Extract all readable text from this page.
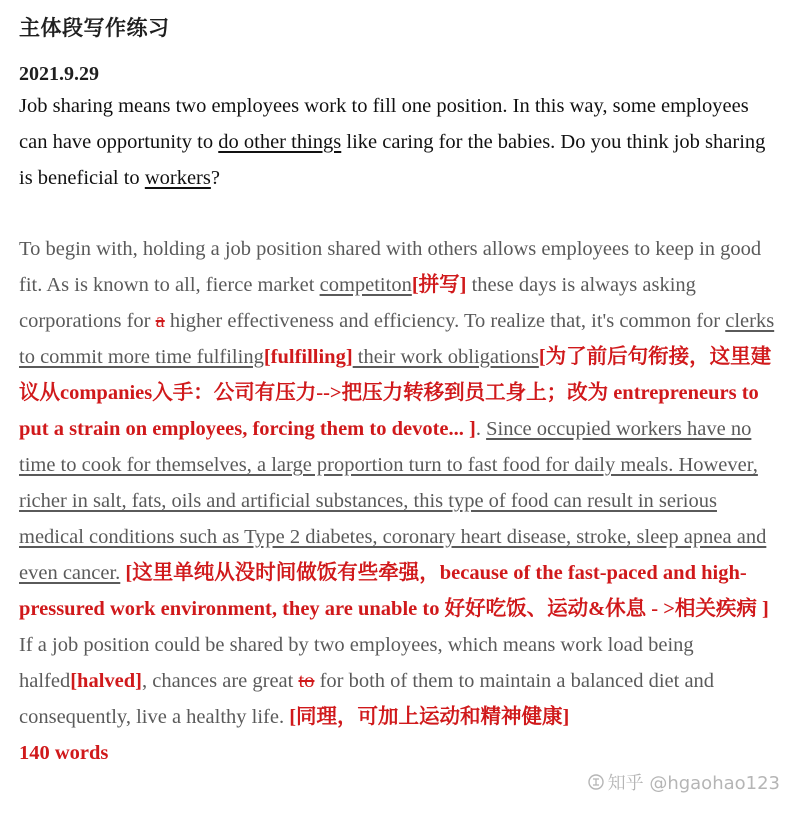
主体段写作练习
2021.9.29
Job sharing means two employees work to fill one position. In this way, some employees can have opportunity to do other things like caring for the babies. Do you think job sharing is beneficial to workers?
To begin with, holding a job position shared with others allows employees to keep in good fit. As is known to all, fierce market competiton[拼写] these days is always asking corporations for a higher effectiveness and efficiency. To realize that, it's common for clerks to commit more time fulfiling[fulfilling] their work obligations[为了前后句衔接，这里建议从companies入手：公司有压力-->把压力转移到员工身上；改为 entrepreneurs to put a strain on employees, forcing them to devote... ]. Since occupied workers have no time to cook for themselves, a large proportion turn to fast food for daily meals. However, richer in salt, fats, oils and artificial substances, this type of food can result in serious medical conditions such as Type 2 diabetes, coronary heart disease, stroke, sleep apnea and even cancer. [这里单纯从没时间做饭有些牵强，because of the fast-paced and high-pressured work environment, they are unable to 好好吃饭、运动&休息 - >相关疾病 ] If a job position could be shared by two employees, which means work load being halfed[halved], chances are great to for both of them to maintain a balanced diet and consequently, live a healthy life. [同理，可加上运动和精神健康]
140 words
知乎 @hgaohao123
